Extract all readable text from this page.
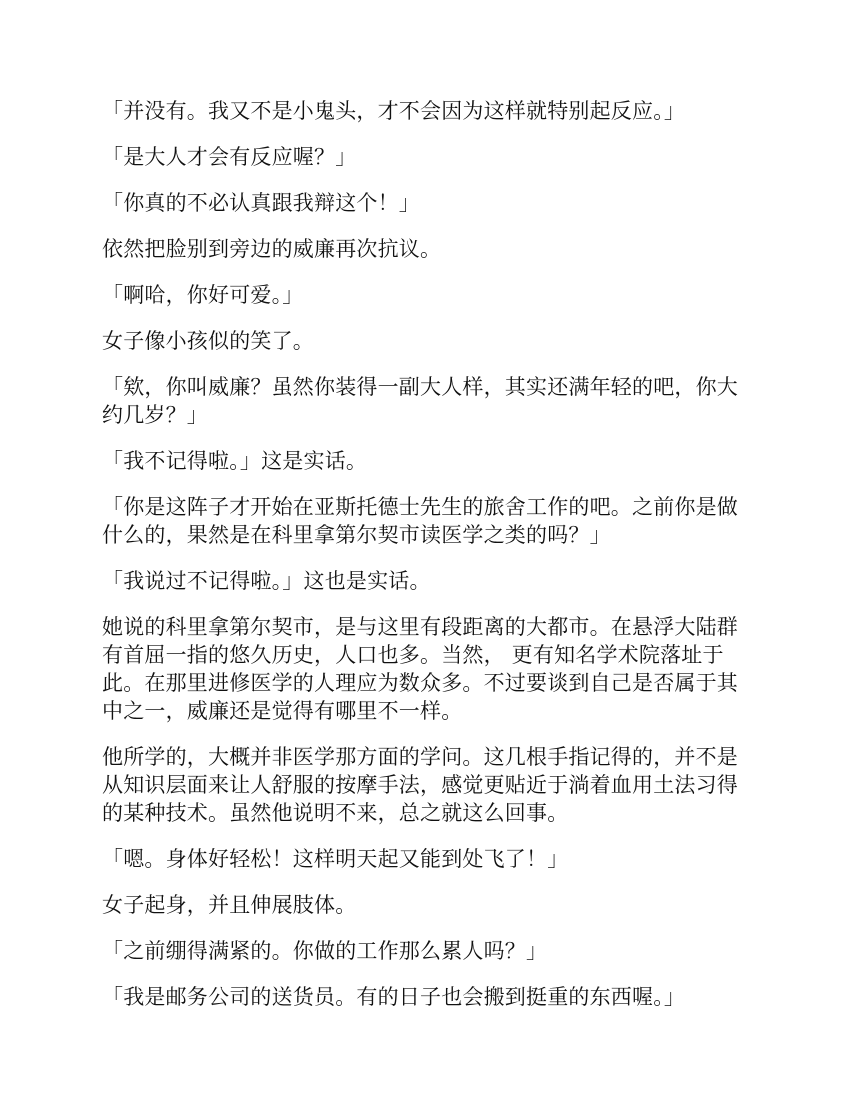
「并没有。我又不是小鬼头，才不会因为这样就特别起反应。」

「是大人才会有反应喔？」

「你真的不必认真跟我辩这个！」

依然把脸别到旁边的威廉再次抗议。

「啊哈，你好可爱。」

女子像小孩似的笑了。

「欸，你叫威廉？虽然你装得一副大人样，其实还满年轻的吧，你大约几岁？」

「我不记得啦。」这是实话。

「你是这阵子才开始在亚斯托德士先生的旅舍工作的吧。之前你是做什么的，果然是在科里拿第尔契市读医学之类的吗？」

「我说过不记得啦。」这也是实话。

她说的科里拿第尔契市，是与这里有段距离的大都市。在悬浮大陆群有首屈一指的悠久历史，人口也多。当然， 更有知名学术院落址于此。在那里进修医学的人理应为数众多。不过要谈到自己是否属于其中之一，威廉还是觉得有哪里不一样。

他所学的，大概并非医学那方面的学问。这几根手指记得的，并不是从知识层面来让人舒服的按摩手法，感觉更贴近于淌着血用土法习得的某种技术。虽然他说明不来，总之就这么回事。

「嗯。身体好轻松！这样明天起又能到处飞了！」

女子起身，并且伸展肢体。

「之前绷得满紧的。你做的工作那么累人吗？」

「我是邮务公司的送货员。有的日子也会搬到挺重的东西喔。」
